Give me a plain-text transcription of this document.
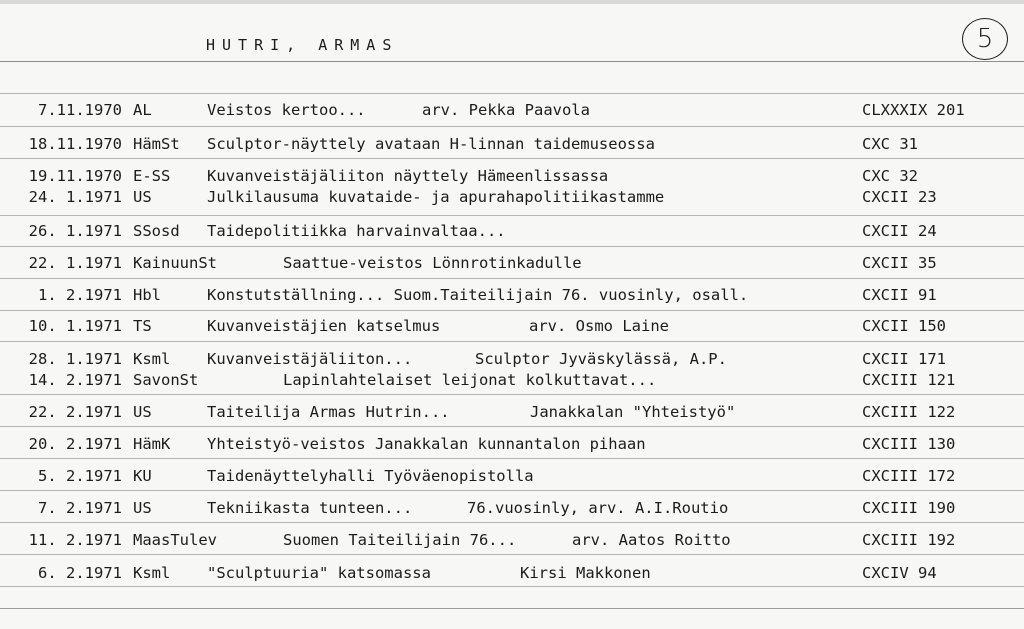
HUTRI, ARMAS	5
7.11.1970 AL	Veistos kertoo...	arv. Pekka Paavola	CLXXXIX 201
18.11.1970 HämSt Sculptor-näyttely avataan H-linnan taidemuseossa	CXC 31
19.11.1970 E-SS Kuvanveistäjäliiton näyttely Hämeenlissassa	CXC 32
24. 1.1971 US	Julkilausuma kuvataide- ja apurahapolitiikastamme	CXCII 23
26. 1.1971 SSosd Taidepolitiikka harvainvaltaa...	CXCII 24
22. 1.1971 KainuunSt	Saattue-veistos Lönnrotinkadulle	CXCII 35
1. 2.1971 Hbl	Konstutställning... Suom.Taiteilijain 76. vuosinly, osall.	CXCII 91
10. 1.1971 TS	Kuvanveistäjien katselmus	arv. Osmo Laine	CXCII 150
28. 1.1971 Ksml Kuvanveistäjäliiton...	Sculptor Jyväskylässä, A.P.	CXCII 171
14. 2.1971 SavonSt	Lapinlahtelaiset leijonat kolkuttavat...	CXCIII 121
22. 2.1971 US	Taiteilija Armas Hutrin...	Janakkalan "Yhteistyö"	CXCIII 122
20. 2.1971 HämK Yhteistyö-veistos Janakkalan kunnantalon pihaan	CXCIII 130
5. 2.1971 KU	Taidenäyttelyhalli Työväenopistolla	CXCIII 172
7. 2.1971 US	Tekniikasta tunteen...	76.vuosinly, arv. A.I.Routio	CXCIII 190
11. 2.1971 MaasTulev	Suomen Taiteilijain 76...	arv. Aatos Roitto	CXCIII 192
6. 2.1971 Ksml "Sculptuuria" katsomassa	Kirsi Makkonen	CXCIV 94
